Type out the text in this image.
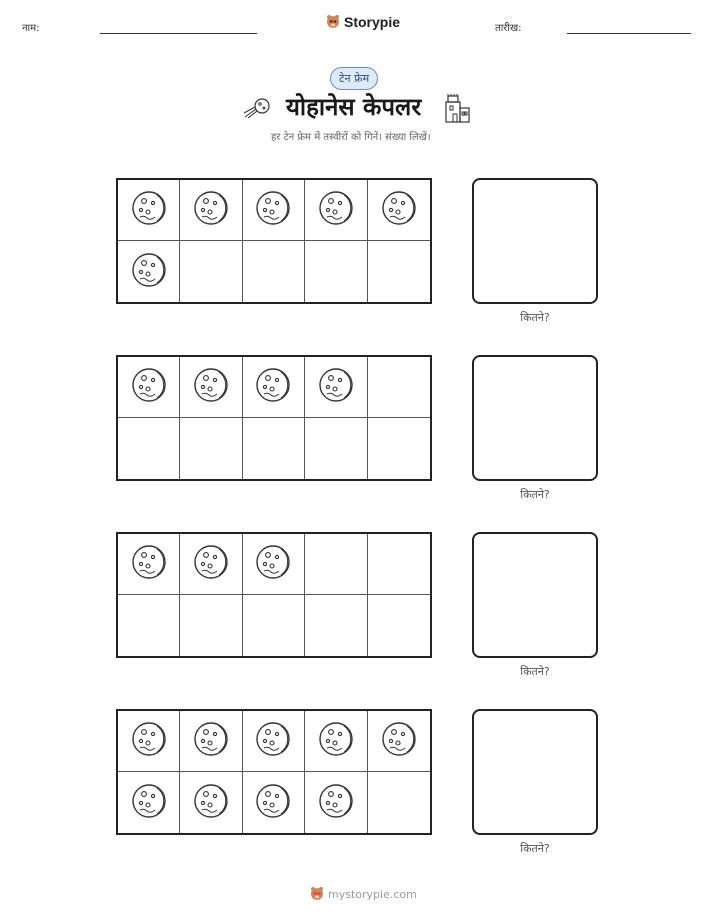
नाम:	Storypie	तारीख:
टेन फ्रेम
योहानेस केपलर
हर टेन फ्रेम में तस्वीरों को गिनें। संख्या लिखें।
कितने?
कितने?
कितने?
कितने?
mystorypie.com
